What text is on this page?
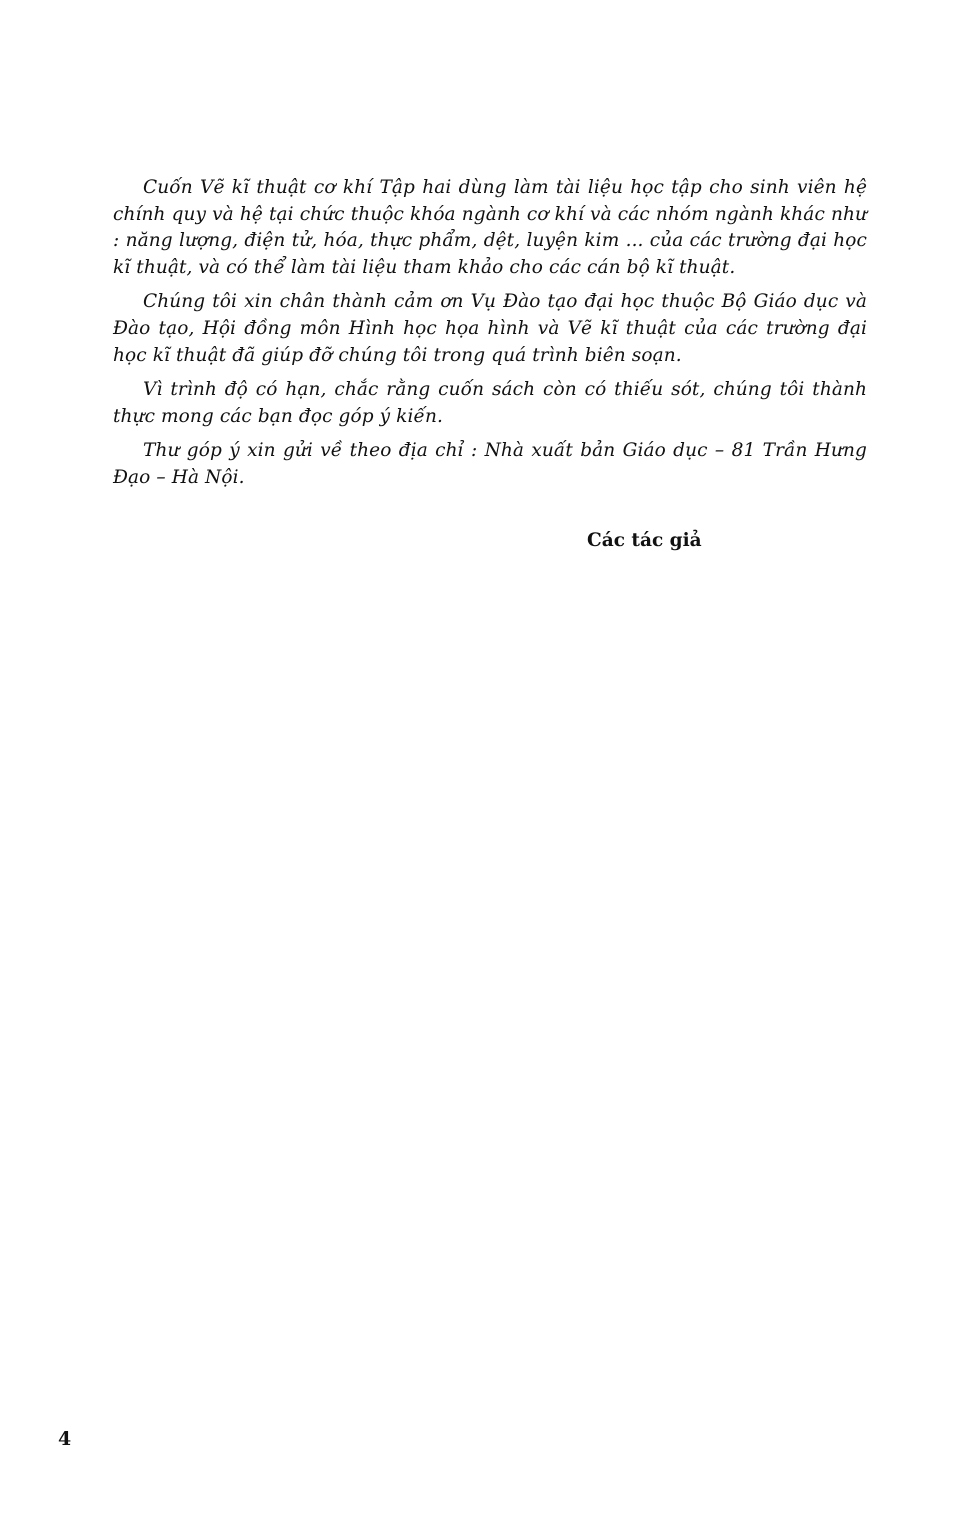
Cuốn Vẽ kĩ thuật cơ khí Tập hai dùng làm tài liệu học tập cho sinh viên hệ chính quy và hệ tại chức thuộc khóa ngành cơ khí và các nhóm ngành khác như : năng lượng, điện tử, hóa, thực phẩm, dệt, luyện kim ... của các trường đại học kĩ thuật, và có thể làm tài liệu tham khảo cho các cán bộ kĩ thuật.

Chúng tôi xin chân thành cảm ơn Vụ Đào tạo đại học thuộc Bộ Giáo dục và Đào tạo, Hội đồng môn Hình học họa hình và Vẽ kĩ thuật của các trường đại học kĩ thuật đã giúp đỡ chúng tôi trong quá trình biên soạn.

Vì trình độ có hạn, chắc rằng cuốn sách còn có thiếu sót, chúng tôi thành thực mong các bạn đọc góp ý kiến.

Thư góp ý xin gửi về theo địa chỉ : Nhà xuất bản Giáo dục – 81 Trần Hưng Đạo – Hà Nội.

Các tác giả
4
